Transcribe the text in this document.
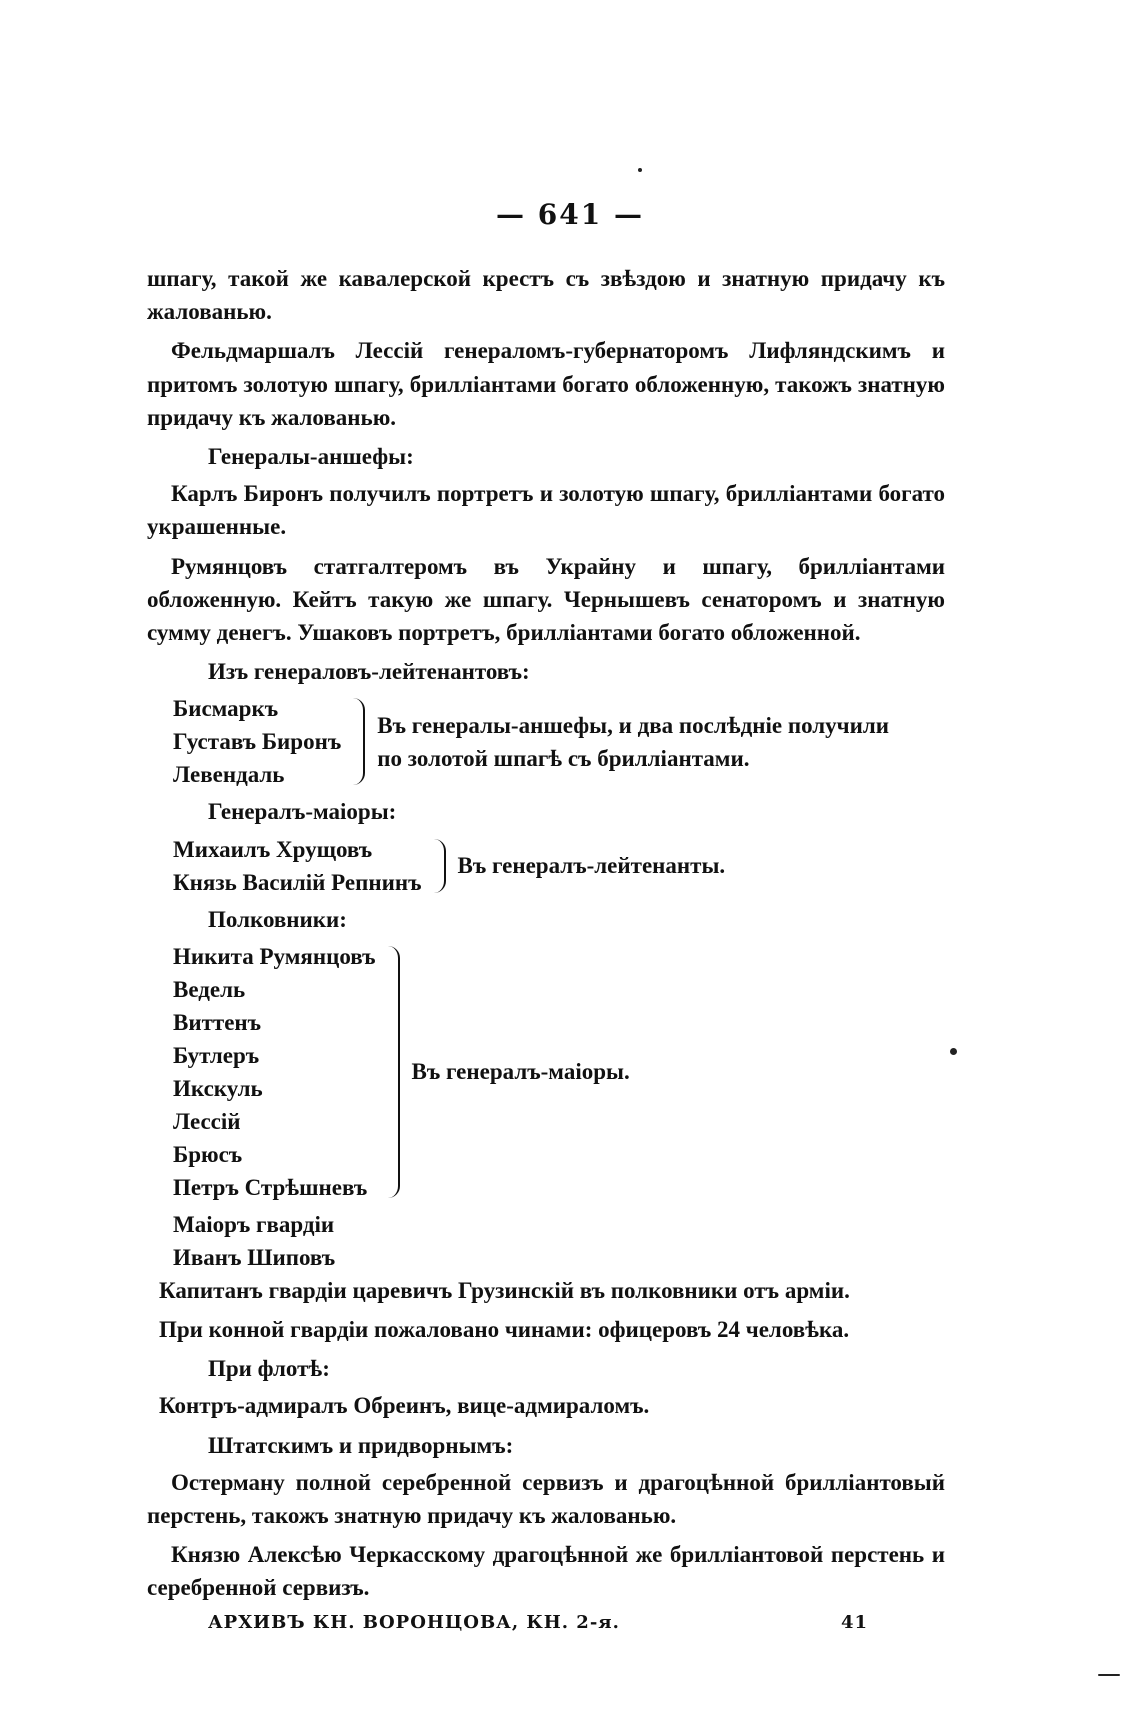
— 641 —

шпагу, такой же кавалерской крестъ съ звѣздою и знатную придачу къ жалованью.

Фельдмаршалъ Лессій генераломъ-губернаторомъ Лифляндскимъ и притомъ золотую шпагу, брилліантами богато обложенную, такожъ знатную придачу къ жалованью.

Генералы-аншефы:

Карлъ Биронъ получилъ портретъ и золотую шпагу, брилліантами богато украшенные.

Румянцовъ статгалтеромъ въ Украйну и шпагу, брилліантами обложенную. Кейтъ такую же шпагу. Чернышевъ сенаторомъ и знатную сумму денегъ. Ушаковъ портретъ, брилліантами богато обложенной.

Изъ генераловъ-лейтенантовъ:
Бисмаркъ
Густавъ Биронъ
Левендаль
Въ генералы-аншефы, и два послѣдніе получили по золотой шпагѣ съ брилліантами.
Генералъ-маіоры:
Михаилъ Хрущовъ
Князь Василій Репнинъ
Въ генералъ-лейтенанты.
Полковники:
Никита Румянцовъ
Ведель
Виттенъ
Бутлеръ
Икскуль
Лессій
Брюсъ
Петръ Стрѣшневъ
Въ генералъ-маіоры.
Маіоръ гвардіи
Иванъ Шиповъ

Капитанъ гвардіи царевичъ Грузинскій въ полковники отъ арміи.

При конной гвардіи пожаловано чинами: офицеровъ 24 человѣка.

При флотѣ:

Контръ-адмиралъ Обреинъ, вице-адмираломъ.

Штатскимъ и придворнымъ:

Остерману полной серебренной сервизъ и драгоцѣнной брилліантовый перстень, такожъ знатную придачу къ жалованью.

Князю Алексѣю Черкасскому драгоцѣнной же брилліантовой перстень и серебренной сервизъ.

АРХИВЪ КН. ВОРОНЦОВА, КН. 2-я.	41
